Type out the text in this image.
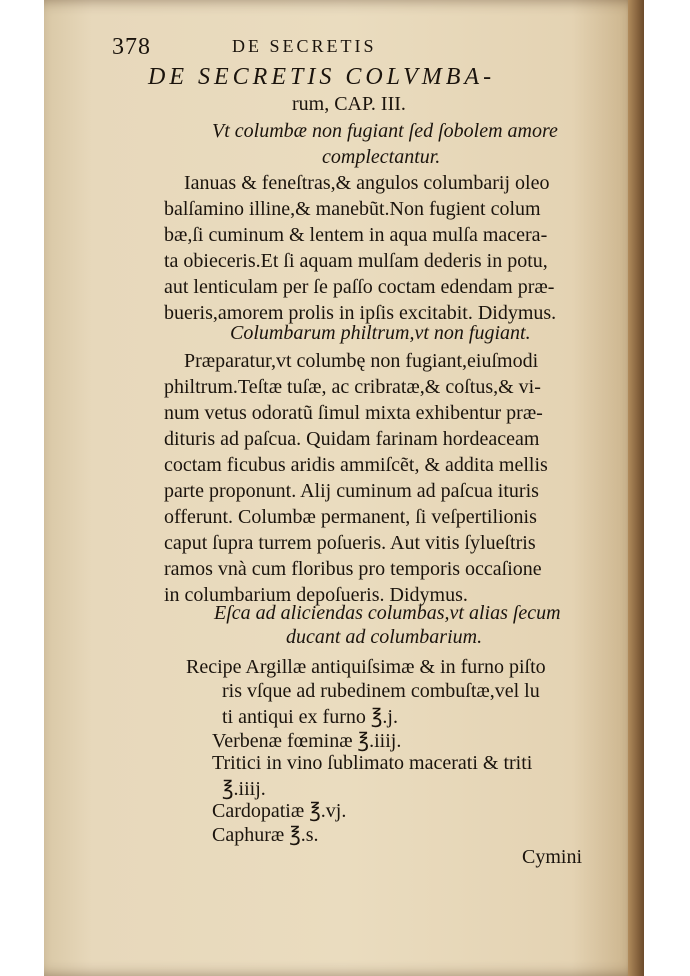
378	DE SECRETIS
DE SECRETIS COLVMBA-
rum, CAP. III.
Vt columbæ non fugiant ſed ſobolem amore
complectantur.
Ianuas & feneſtras,& angulos columbarij oleo
balſamino illine,& manebũt.Non fugient colum
bæ,ſi cuminum & lentem in aqua mulſa macera-
ta obieceris.Et ſi aquam mulſam dederis in potu,
aut lenticulam per ſe paſſo coctam edendam præ-
bueris,amorem prolis in ipſis excitabit. Didymus.
Columbarum philtrum,vt non fugiant.
Præparatur,vt columbę non fugiant,eiuſmodi
philtrum.Teſtæ tuſæ, ac cribratæ,& coſtus,& vi-
num vetus odoratũ ſimul mixta exhibentur præ-
dituris ad paſcua. Quidam farinam hordeaceam
coctam ficubus aridis ammiſcẽt, & addita mellis
parte proponunt. Alij cuminum ad paſcua ituris
offerunt. Columbæ permanent, ſi veſpertilionis
caput ſupra turrem poſueris. Aut vitis ſylueſtris
ramos vnà cum floribus pro temporis occaſione
in columbarium depoſueris. Didymus.
Eſca ad aliciendas columbas,vt alias ſecum
ducant ad columbarium.
Recipe Argillæ antiquiſsimæ & in furno piſto
ris vſque ad rubedinem combuſtæ,vel lu
ti antiqui ex furno ℥.j.
Verbenæ fœminæ ℥.iiij.
Tritici in vino ſublimato macerati & triti
℥.iiij.
Cardopatiæ ℥.vj.
Caphuræ ℥.s.
Cymini
